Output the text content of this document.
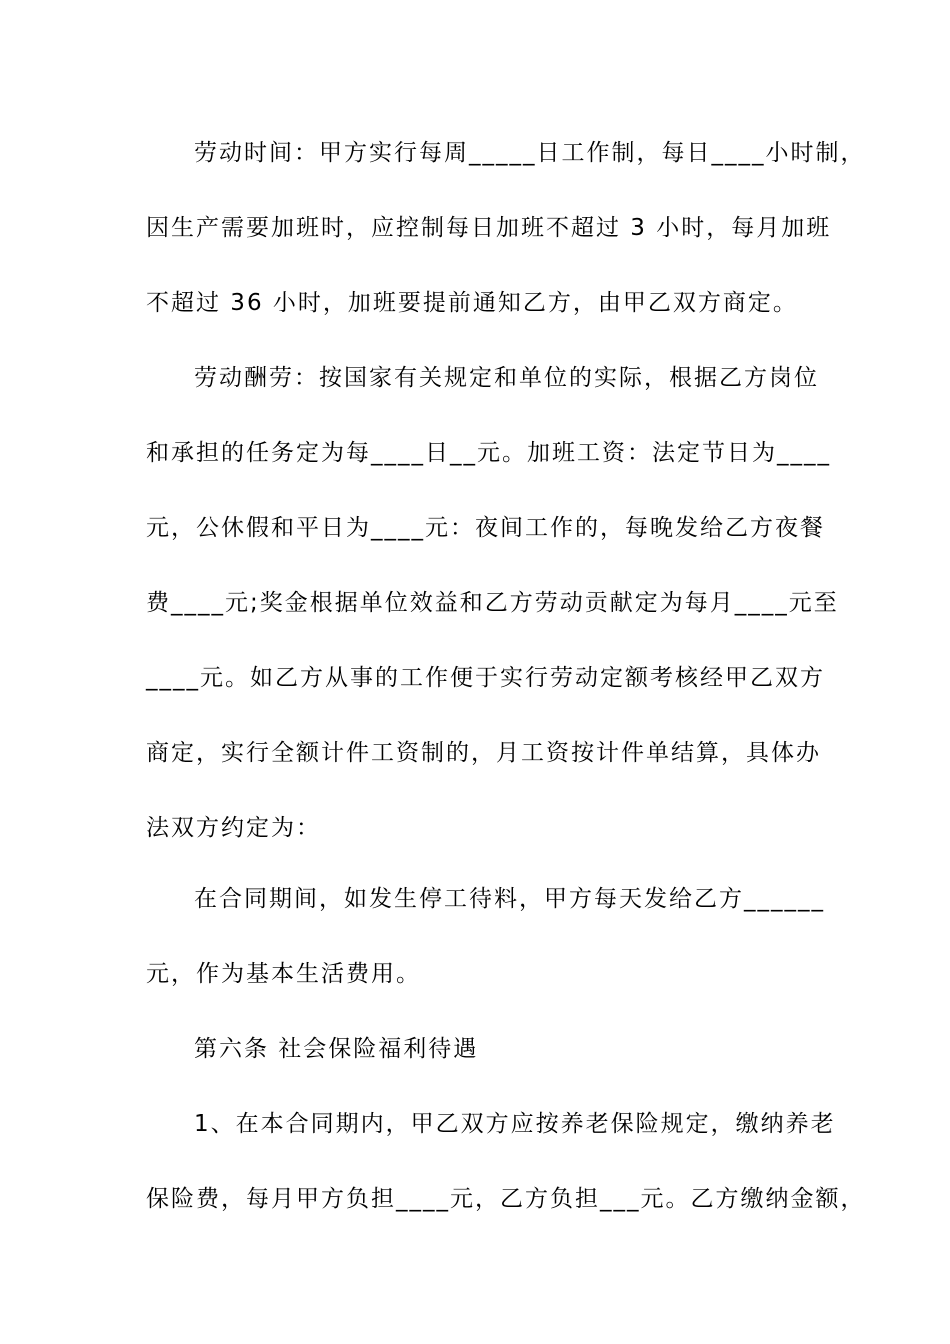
劳动时间：甲方实行每周_____日工作制，每日____小时制，
因生产需要加班时，应控制每日加班不超过 3 小时，每月加班
不超过 36 小时，加班要提前通知乙方，由甲乙双方商定。
劳动酬劳：按国家有关规定和单位的实际，根据乙方岗位
和承担的任务定为每____日__元。加班工资：法定节日为____
元，公休假和平日为____元：夜间工作的，每晚发给乙方夜餐
费____元;奖金根据单位效益和乙方劳动贡献定为每月____元至
____元。如乙方从事的工作便于实行劳动定额考核经甲乙双方
商定，实行全额计件工资制的，月工资按计件单结算，具体办
法双方约定为：
在合同期间，如发生停工待料，甲方每天发给乙方______
元，作为基本生活费用。
第六条 社会保险福利待遇
1、在本合同期内，甲乙双方应按养老保险规定，缴纳养老
保险费，每月甲方负担____元，乙方负担___元。乙方缴纳金额，
